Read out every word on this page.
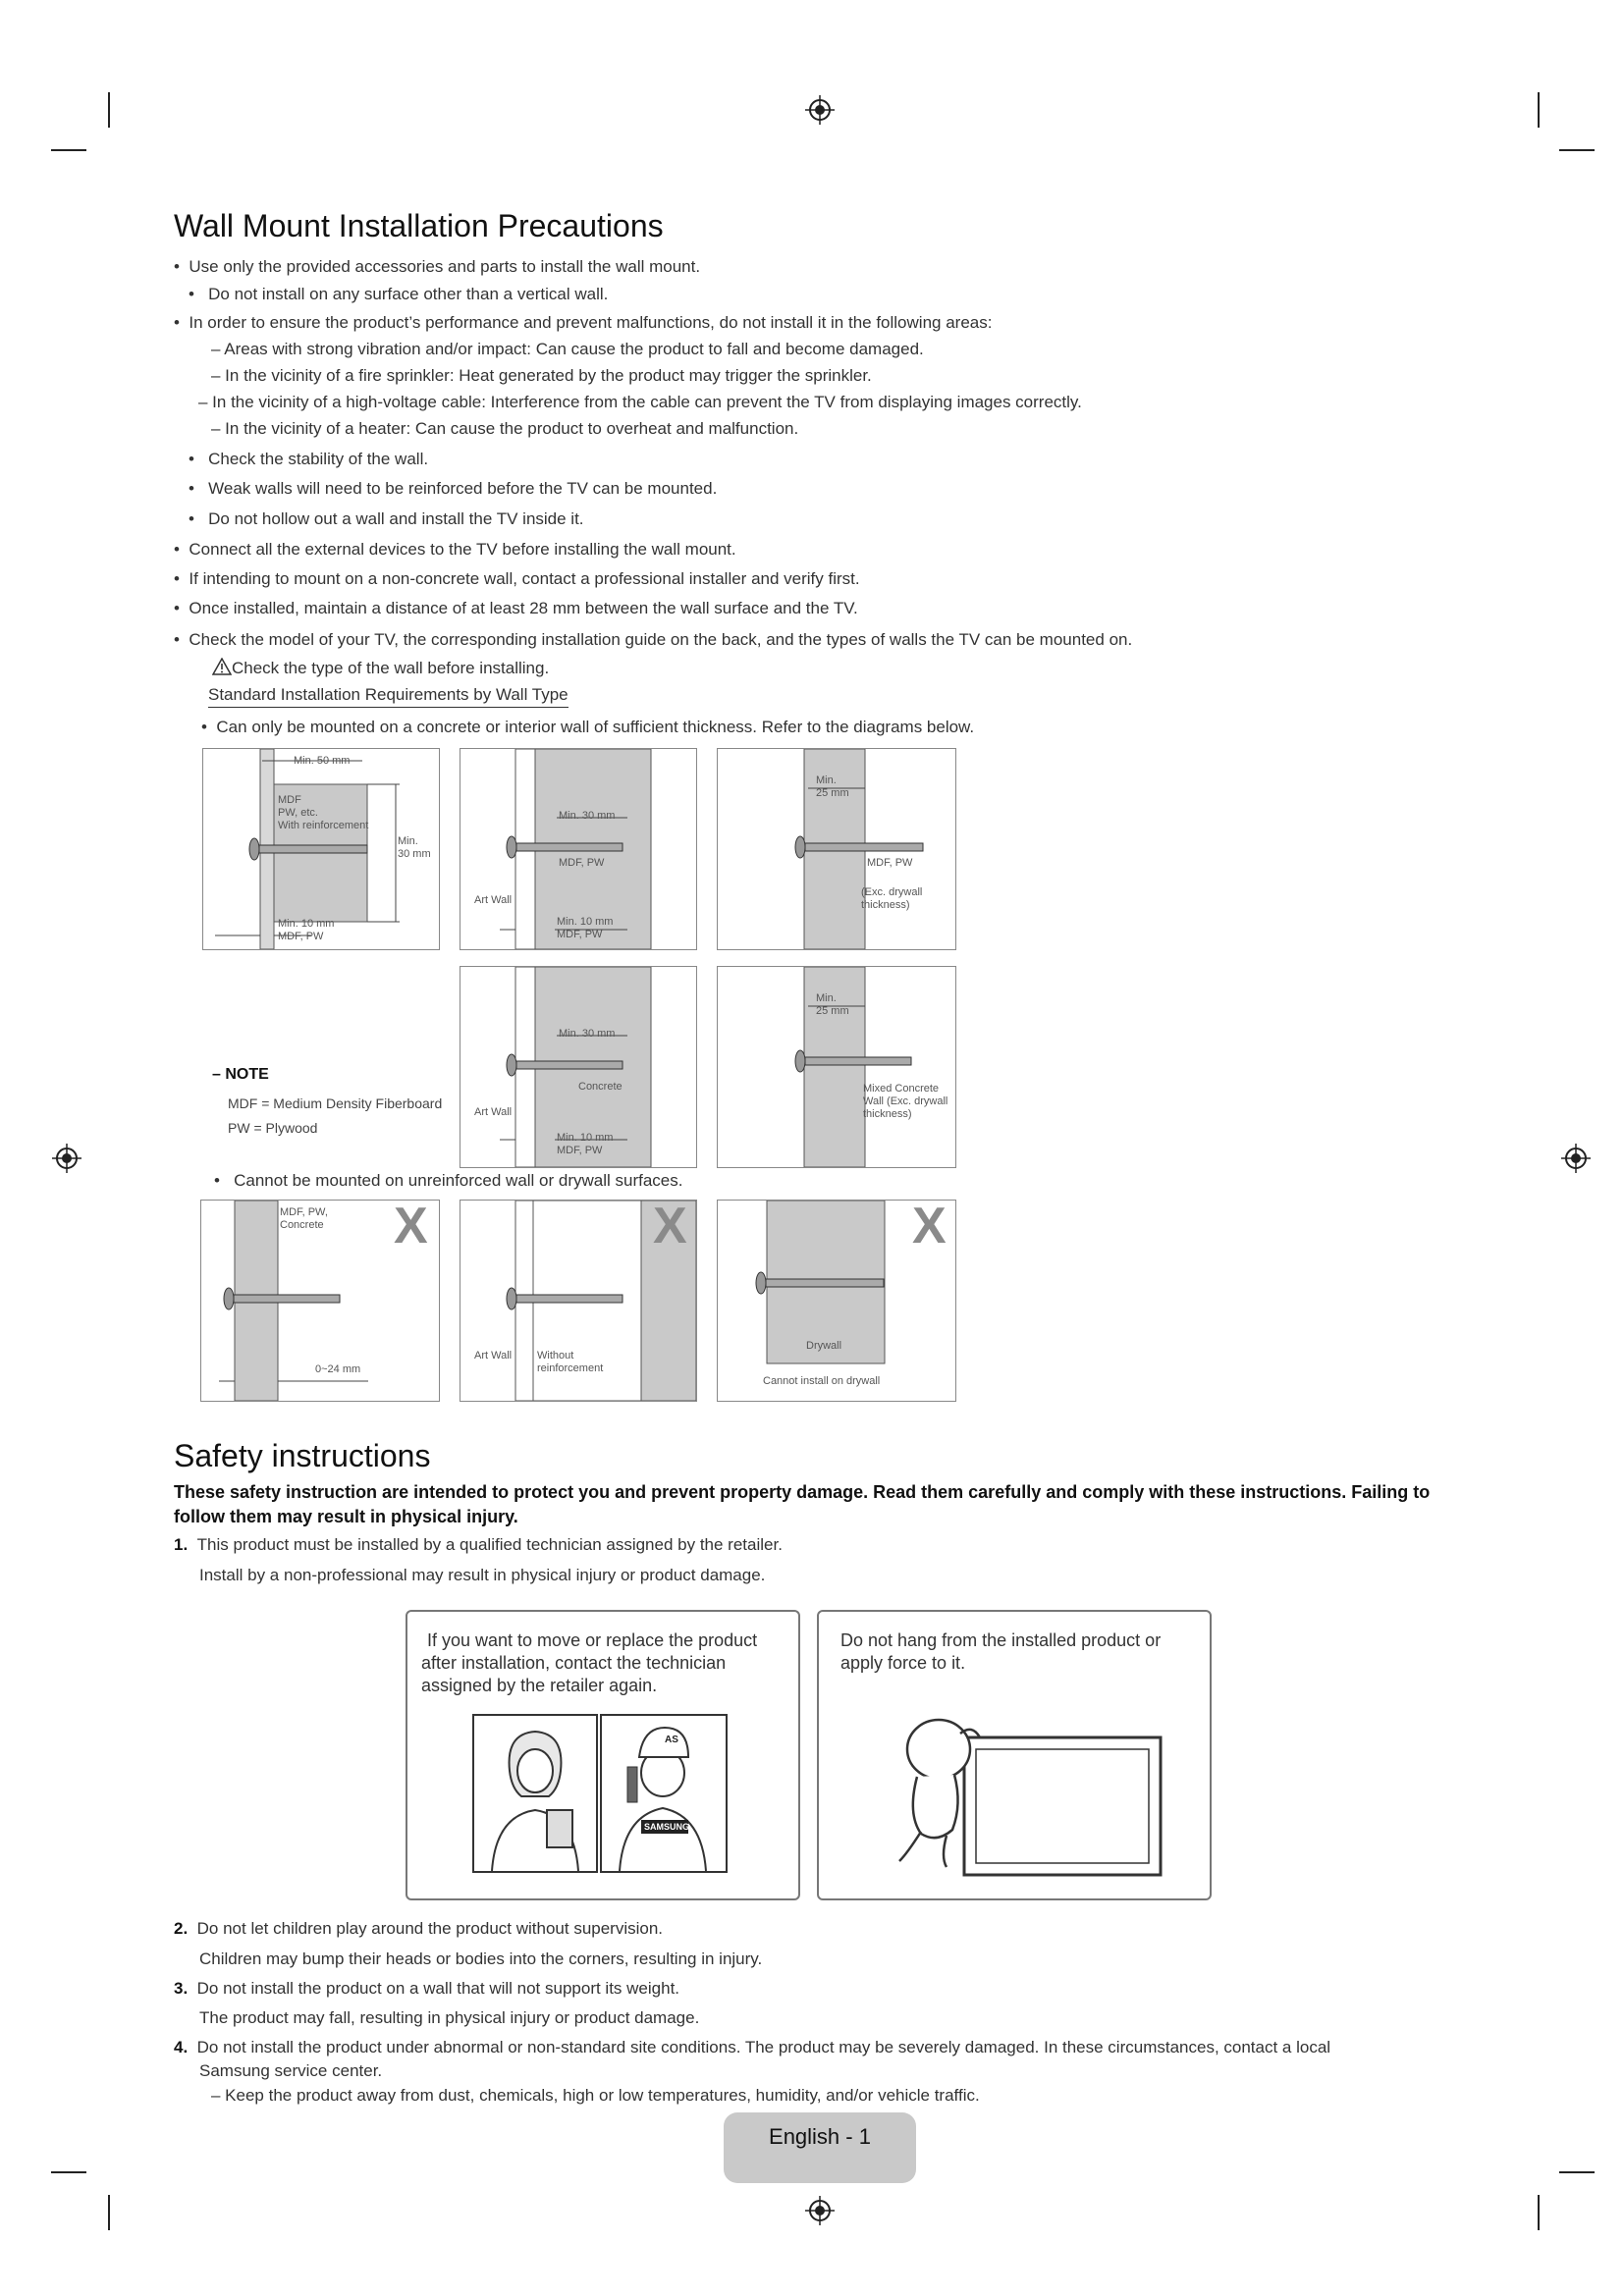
Wall Mount Installation Precautions
•  Use only the provided accessories and parts to install the wall mount.
•   Do not install on any surface other than a vertical wall.
•  In order to ensure the product’s performance and prevent malfunctions, do not install it in the following areas:
– Areas with strong vibration and/or impact: Can cause the product to fall and become damaged.
– In the vicinity of a fire sprinkler: Heat generated by the product may trigger the sprinkler.
– In the vicinity of a high-voltage cable: Interference from the cable can prevent the TV from displaying images correctly.
– In the vicinity of a heater: Can cause the product to overheat and malfunction.
•   Check the stability of the wall.
•   Weak walls will need to be reinforced before the TV can be mounted.
•   Do not hollow out a wall and install the TV inside it.
•  Connect all the external devices to the TV before installing the wall mount.
•  If intending to mount on a non-concrete wall, contact a professional installer and verify first.
•  Once installed, maintain a distance of at least 28 mm between the wall surface and the TV.
•  Check the model of your TV, the corresponding installation guide on the back, and the types of walls the TV can be mounted on.
Check the type of the wall before installing.
Standard Installation Requirements by Wall Type
•  Can only be mounted on a concrete or interior wall of sufficient thickness. Refer to the diagrams below.
Min. 50 mm
MDF
PW, etc.
With reinforcement
Min.
30 mm
Min. 10 mm
MDF, PW
Min. 30 mm
MDF, PW
Art Wall
Min. 10 mm
MDF, PW
Min.
25 mm
MDF, PW
(Exc. drywall
thickness)
– NOTE
MDF = Medium Density Fiberboard
PW = Plywood
Min. 30 mm
Concrete
Art Wall
Min. 10 mm
MDF, PW
Min.
25 mm
Mixed Concrete
Wall (Exc. drywall
thickness)
•   Cannot be mounted on unreinforced wall or drywall surfaces.
MDF, PW,
Concrete
0~24 mm
X
Art Wall Without
reinforcement
X
Drywall
Cannot install on drywall
X
Safety instructions
These safety instruction are intended to protect you and prevent property damage. Read them carefully and comply with these instructions. Failing to
follow them may result in physical injury.
1. This product must be installed by a qualified technician assigned by the retailer.
Install by a non-professional may result in physical injury or product damage.
If you want to move or replace the product
after installation, contact the technician
assigned by the retailer again.
AS
SAMSUNG
Do not hang from the installed product or
apply force to it.
2. Do not let children play around the product without supervision.
Children may bump their heads or bodies into the corners, resulting in injury.
3. Do not install the product on a wall that will not support its weight.
The product may fall, resulting in physical injury or product damage.
4. Do not install the product under abnormal or non-standard site conditions. The product may be severely damaged. In these circumstances, contact a local
Samsung service center.
– Keep the product away from dust, chemicals, high or low temperatures, humidity, and/or vehicle traffic.
English - 1
